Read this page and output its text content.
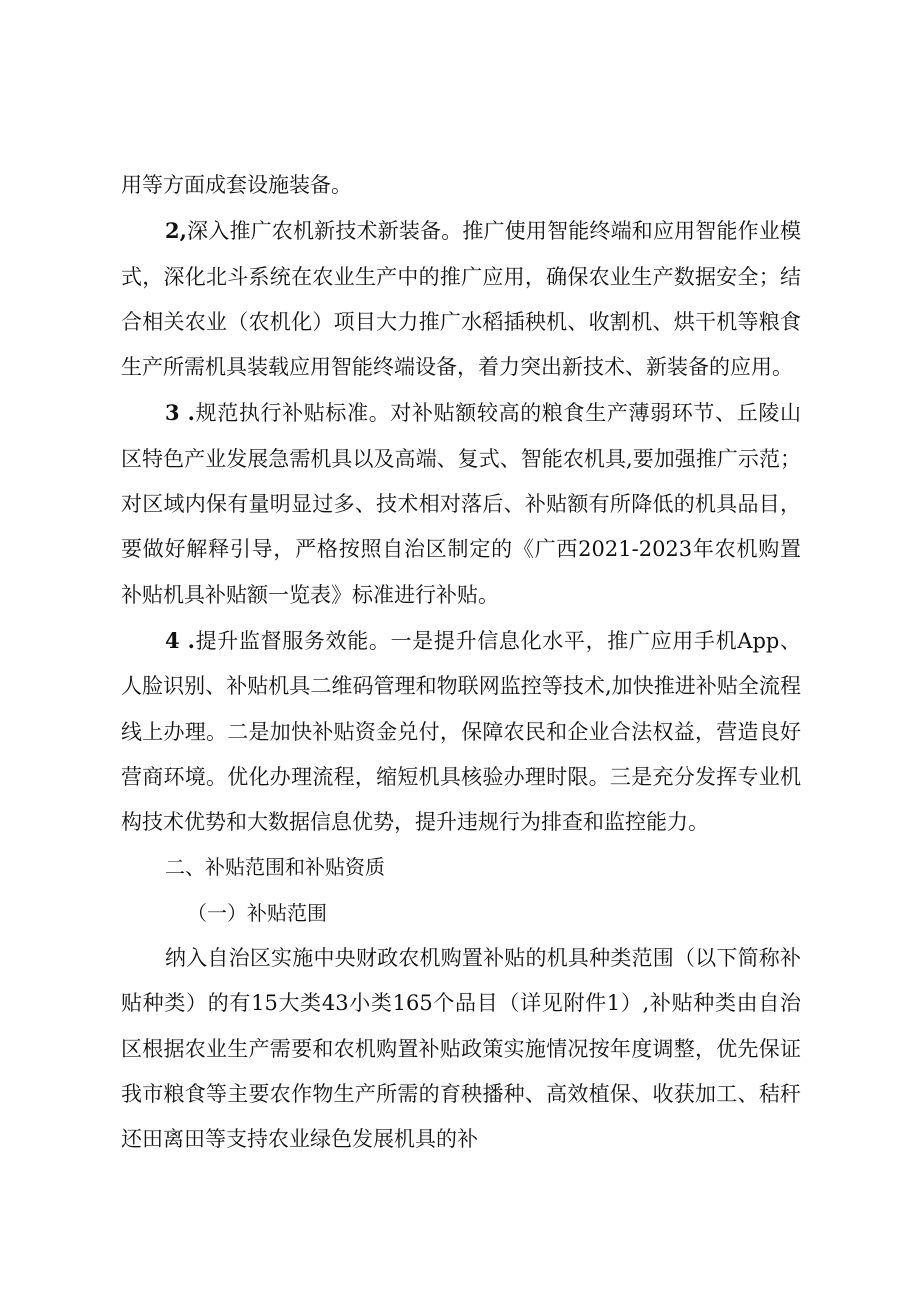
用等方面成套设施装备。

2,深入推广农机新技术新装备。推广使用智能终端和应用智能作业模式，深化北斗系统在农业生产中的推广应用，确保农业生产数据安全；结合相关农业（农机化）项目大力推广水稻插秧机、收割机、烘干机等粮食生产所需机具装载应用智能终端设备，着力突出新技术、新装备的应用。

3 .规范执行补贴标准。对补贴额较高的粮食生产薄弱环节、丘陵山区特色产业发展急需机具以及高端、复式、智能农机具,要加强推广示范；对区域内保有量明显过多、技术相对落后、补贴额有所降低的机具品目，要做好解释引导，严格按照自治区制定的《广西2021-2023年农机购置补贴机具补贴额一览表》标准进行补贴。

4 .提升监督服务效能。一是提升信息化水平，推广应用手机App、人脸识别、补贴机具二维码管理和物联网监控等技术,加快推进补贴全流程线上办理。二是加快补贴资金兑付，保障农民和企业合法权益，营造良好营商环境。优化办理流程，缩短机具核验办理时限。三是充分发挥专业机构技术优势和大数据信息优势，提升违规行为排查和监控能力。

二、补贴范围和补贴资质

（一）补贴范围

纳入自治区实施中央财政农机购置补贴的机具种类范围（以下简称补贴种类）的有15大类43小类165个品目（详见附件1）,补贴种类由自治区根据农业生产需要和农机购置补贴政策实施情况按年度调整，优先保证我市粮食等主要农作物生产所需的育秧播种、高效植保、收获加工、秸秆还田离田等支持农业绿色发展机具的补
